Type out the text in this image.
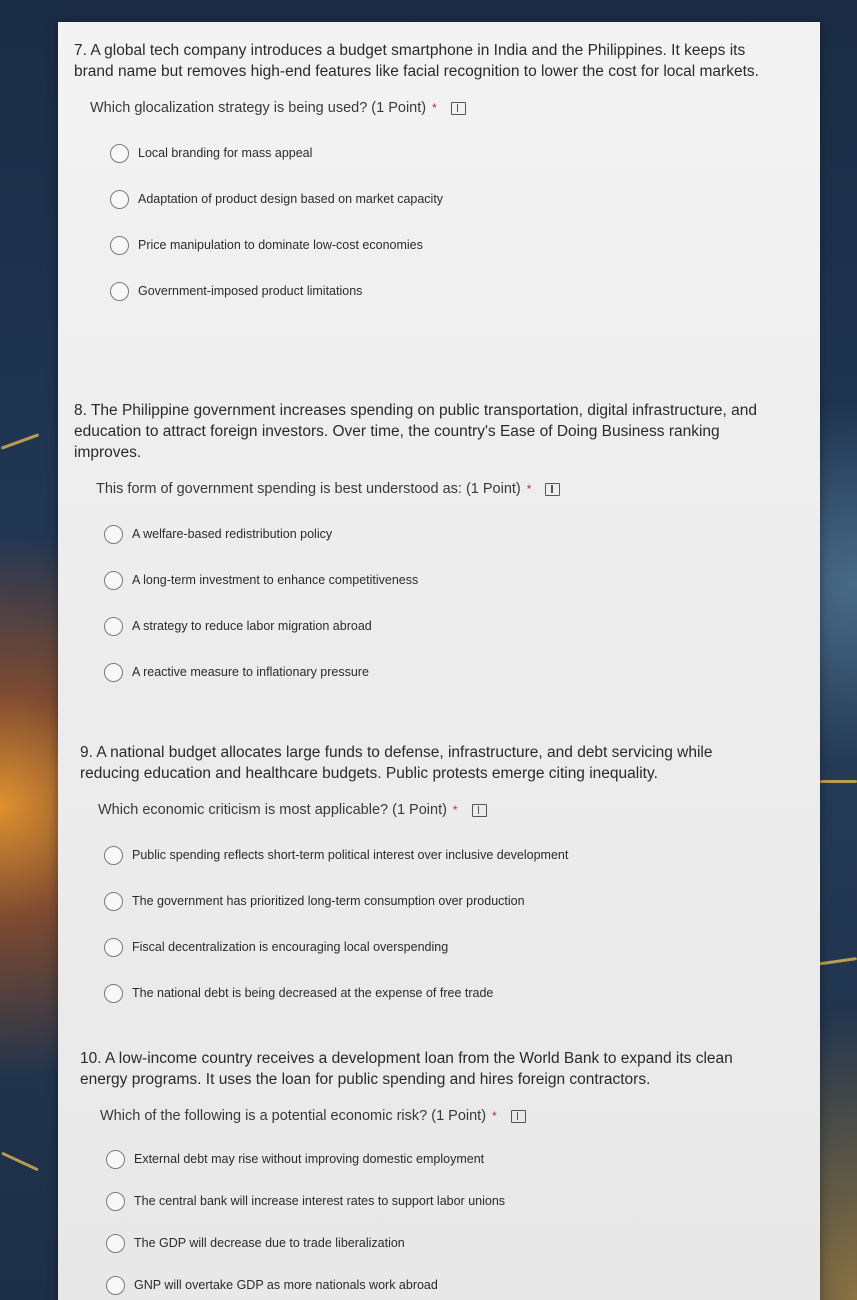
7. A global tech company introduces a budget smartphone in India and the Philippines. It keeps its brand name but removes high-end features like facial recognition to lower the cost for local markets.

Which glocalization strategy is being used? (1 Point) *
Local branding for mass appeal
Adaptation of product design based on market capacity
Price manipulation to dominate low-cost economies
Government-imposed product limitations

8. The Philippine government increases spending on public transportation, digital infrastructure, and education to attract foreign investors. Over time, the country's Ease of Doing Business ranking improves.

This form of government spending is best understood as: (1 Point) *
A welfare-based redistribution policy
A long-term investment to enhance competitiveness
A strategy to reduce labor migration abroad
A reactive measure to inflationary pressure

9. A national budget allocates large funds to defense, infrastructure, and debt servicing while reducing education and healthcare budgets. Public protests emerge citing inequality.

Which economic criticism is most applicable? (1 Point) *
Public spending reflects short-term political interest over inclusive development
The government has prioritized long-term consumption over production
Fiscal decentralization is encouraging local overspending
The national debt is being decreased at the expense of free trade

10. A low-income country receives a development loan from the World Bank to expand its clean energy programs. It uses the loan for public spending and hires foreign contractors.

Which of the following is a potential economic risk? (1 Point) *
External debt may rise without improving domestic employment
The central bank will increase interest rates to support labor unions
The GDP will decrease due to trade liberalization
GNP will overtake GDP as more nationals work abroad
